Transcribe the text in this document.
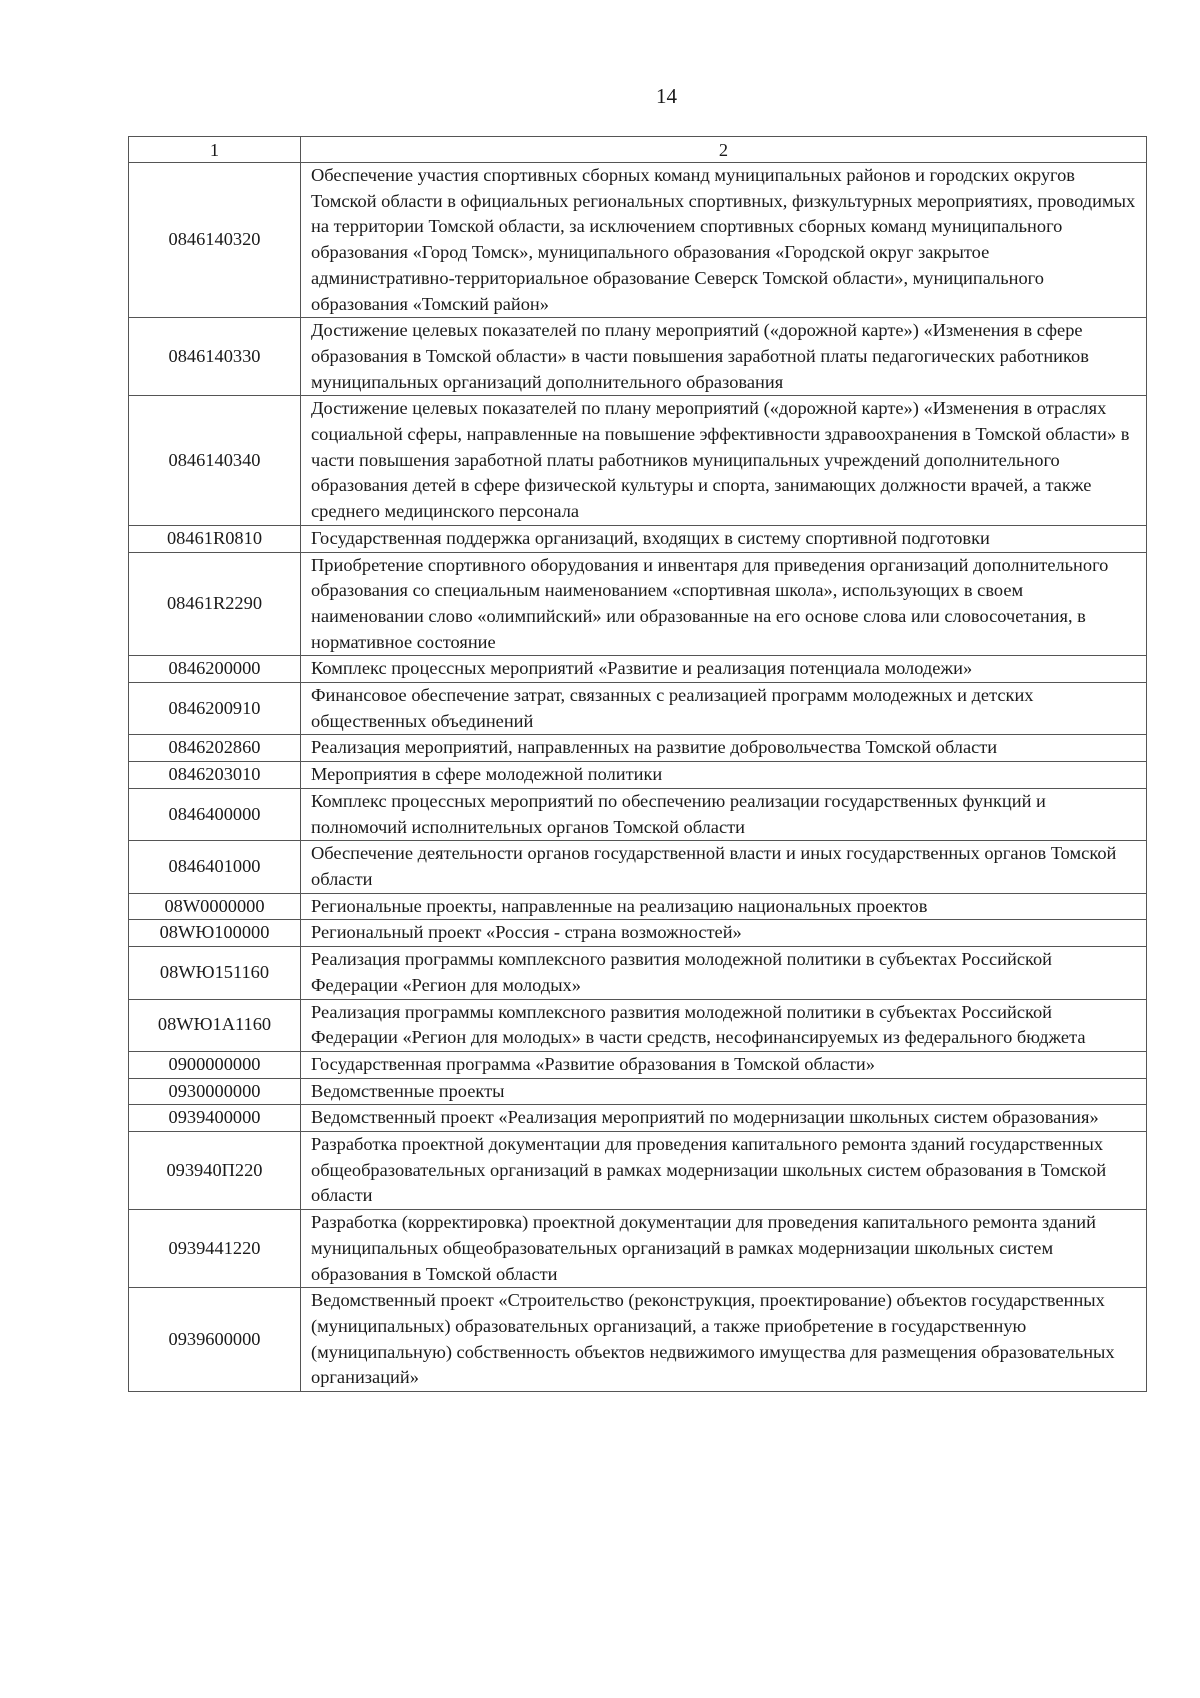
14
1	2
0846140320	Обеспечение участия спортивных сборных команд муниципальных районов и городских округов Томской области в официальных региональных спортивных, физкультурных мероприятиях, проводимых на территории Томской области, за исключением спортивных сборных команд муниципального образования «Город Томск», муниципального образования «Городской округ закрытое административно-территориальное образование Северск Томской области», муниципального образования «Томский район»
0846140330	Достижение целевых показателей по плану мероприятий («дорожной карте») «Изменения в сфере образования в Томской области» в части повышения заработной платы педагогических работников муниципальных организаций дополнительного образования
0846140340	Достижение целевых показателей по плану мероприятий («дорожной карте») «Изменения в отраслях социальной сферы, направленные на повышение эффективности здравоохранения в Томской области» в части повышения заработной платы работников муниципальных учреждений дополнительного образования детей в сфере физической культуры и спорта, занимающих должности врачей, а также среднего медицинского персонала
08461R0810	Государственная поддержка организаций, входящих в систему спортивной подготовки
08461R2290	Приобретение спортивного оборудования и инвентаря для приведения организаций дополнительного образования со специальным наименованием «спортивная школа», использующих в своем наименовании слово «олимпийский» или образованные на его основе слова или словосочетания, в нормативное состояние
0846200000	Комплекс процессных мероприятий «Развитие и реализация потенциала молодежи»
0846200910	Финансовое обеспечение затрат, связанных с реализацией программ молодежных и детских общественных объединений
0846202860	Реализация мероприятий, направленных на развитие добровольчества Томской области
0846203010	Мероприятия в сфере молодежной политики
0846400000	Комплекс процессных мероприятий по обеспечению реализации государственных функций и полномочий исполнительных органов Томской области
0846401000	Обеспечение деятельности органов государственной власти и иных государственных органов Томской области
08W0000000	Региональные проекты, направленные на реализацию национальных проектов
08WЮ100000	Региональный проект «Россия - страна возможностей»
08WЮ151160	Реализация программы комплексного развития молодежной политики в субъектах Российской Федерации «Регион для молодых»
08WЮ1A1160	Реализация программы комплексного развития молодежной политики в субъектах Российской Федерации «Регион для молодых» в части средств, несофинансируемых из федерального бюджета
0900000000	Государственная программа «Развитие образования в Томской области»
0930000000	Ведомственные проекты
0939400000	Ведомственный проект «Реализация мероприятий по модернизации школьных систем образования»
093940П220	Разработка проектной документации для проведения капитального ремонта зданий государственных общеобразовательных организаций в рамках модернизации школьных систем образования в Томской области
0939441220	Разработка (корректировка) проектной документации для проведения капитального ремонта зданий муниципальных общеобразовательных организаций в рамках модернизации школьных систем образования в Томской области
0939600000	Ведомственный проект «Строительство (реконструкция, проектирование) объектов государственных (муниципальных) образовательных организаций, а также приобретение в государственную (муниципальную) собственность объектов недвижимого имущества для размещения образовательных организаций»
